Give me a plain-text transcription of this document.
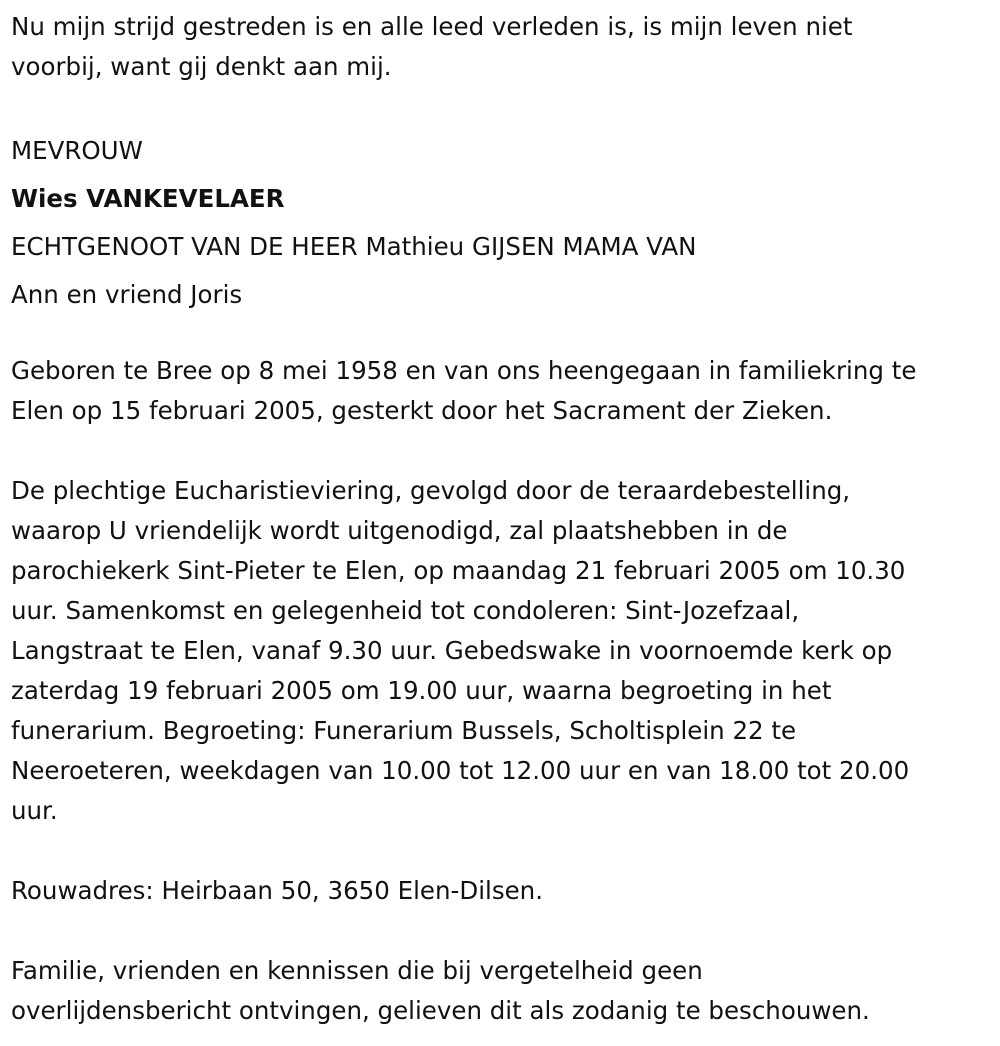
Nu mijn strijd gestreden is en alle leed verleden is, is mijn leven niet
voorbij, want gij denkt aan mij.

MEVROUW

Wies VANKEVELAER

ECHTGENOOT VAN DE HEER Mathieu GIJSEN MAMA VAN

Ann en vriend Joris

Geboren te Bree op 8 mei 1958 en van ons heengegaan in familiekring te
Elen op 15 februari 2005, gesterkt door het Sacrament der Zieken.

De plechtige Eucharistieviering, gevolgd door de teraardebestelling,
waarop U vriendelijk wordt uitgenodigd, zal plaatshebben in de
parochiekerk Sint-Pieter te Elen, op maandag 21 februari 2005 om 10.30
uur. Samenkomst en gelegenheid tot condoleren: Sint-Jozefzaal,
Langstraat te Elen, vanaf 9.30 uur. Gebedswake in voornoemde kerk op
zaterdag 19 februari 2005 om 19.00 uur, waarna begroeting in het
funerarium. Begroeting: Funerarium Bussels, Scholtisplein 22 te
Neeroeteren, weekdagen van 10.00 tot 12.00 uur en van 18.00 tot 20.00
uur.

Rouwadres: Heirbaan 50, 3650 Elen-Dilsen.

Familie, vrienden en kennissen die bij vergetelheid geen
overlijdensbericht ontvingen, gelieven dit als zodanig te beschouwen.
